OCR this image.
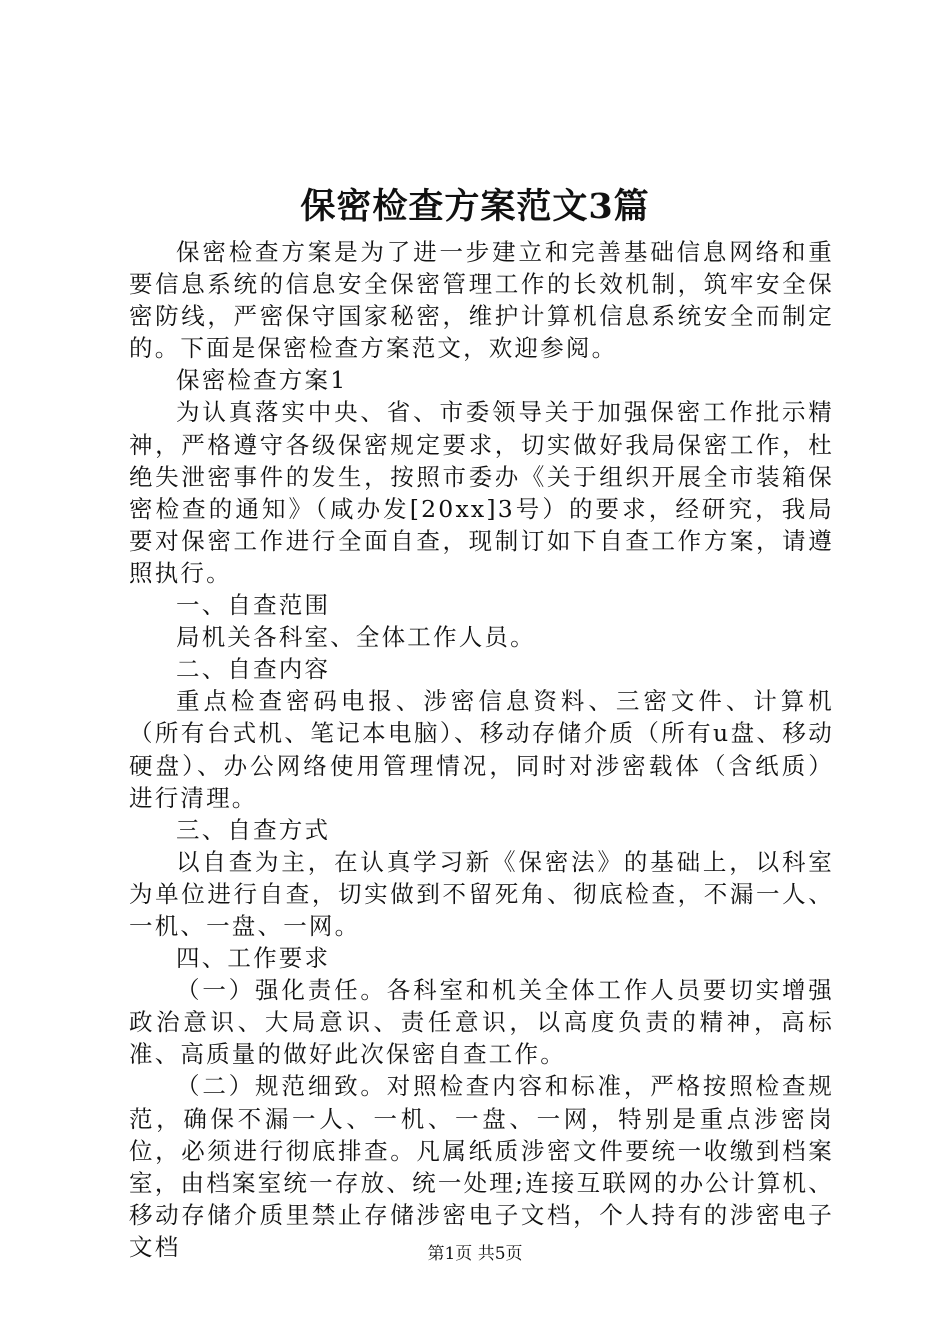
保密检查方案范文3篇

保密检查方案是为了进一步建立和完善基础信息网络和重要信息系统的信息安全保密管理工作的长效机制，筑牢安全保密防线，严密保守国家秘密，维护计算机信息系统安全而制定的。下面是保密检查方案范文，欢迎参阅。

保密检查方案1

为认真落实中央、省、市委领导关于加强保密工作批示精神，严格遵守各级保密规定要求，切实做好我局保密工作，杜绝失泄密事件的发生，按照市委办《关于组织开展全市装箱保密检查的通知》（咸办发[20xx]3号）的要求，经研究，我局要对保密工作进行全面自查，现制订如下自查工作方案，请遵照执行。

一、自查范围

局机关各科室、全体工作人员。

二、自查内容

重点检查密码电报、涉密信息资料、三密文件、计算机（所有台式机、笔记本电脑）、移动存储介质（所有u盘、移动硬盘）、办公网络使用管理情况，同时对涉密载体（含纸质）进行清理。

三、自查方式

以自查为主，在认真学习新《保密法》的基础上，以科室为单位进行自查，切实做到不留死角、彻底检查，不漏一人、一机、一盘、一网。

四、工作要求

（一）强化责任。各科室和机关全体工作人员要切实增强政治意识、大局意识、责任意识，以高度负责的精神，高标准、高质量的做好此次保密自查工作。

（二）规范细致。对照检查内容和标准，严格按照检查规范，确保不漏一人、一机、一盘、一网，特别是重点涉密岗位，必须进行彻底排查。凡属纸质涉密文件要统一收缴到档案室，由档案室统一存放、统一处理;连接互联网的办公计算机、移动存储介质里禁止存储涉密电子文档，个人持有的涉密电子文档	第1页 共5页
